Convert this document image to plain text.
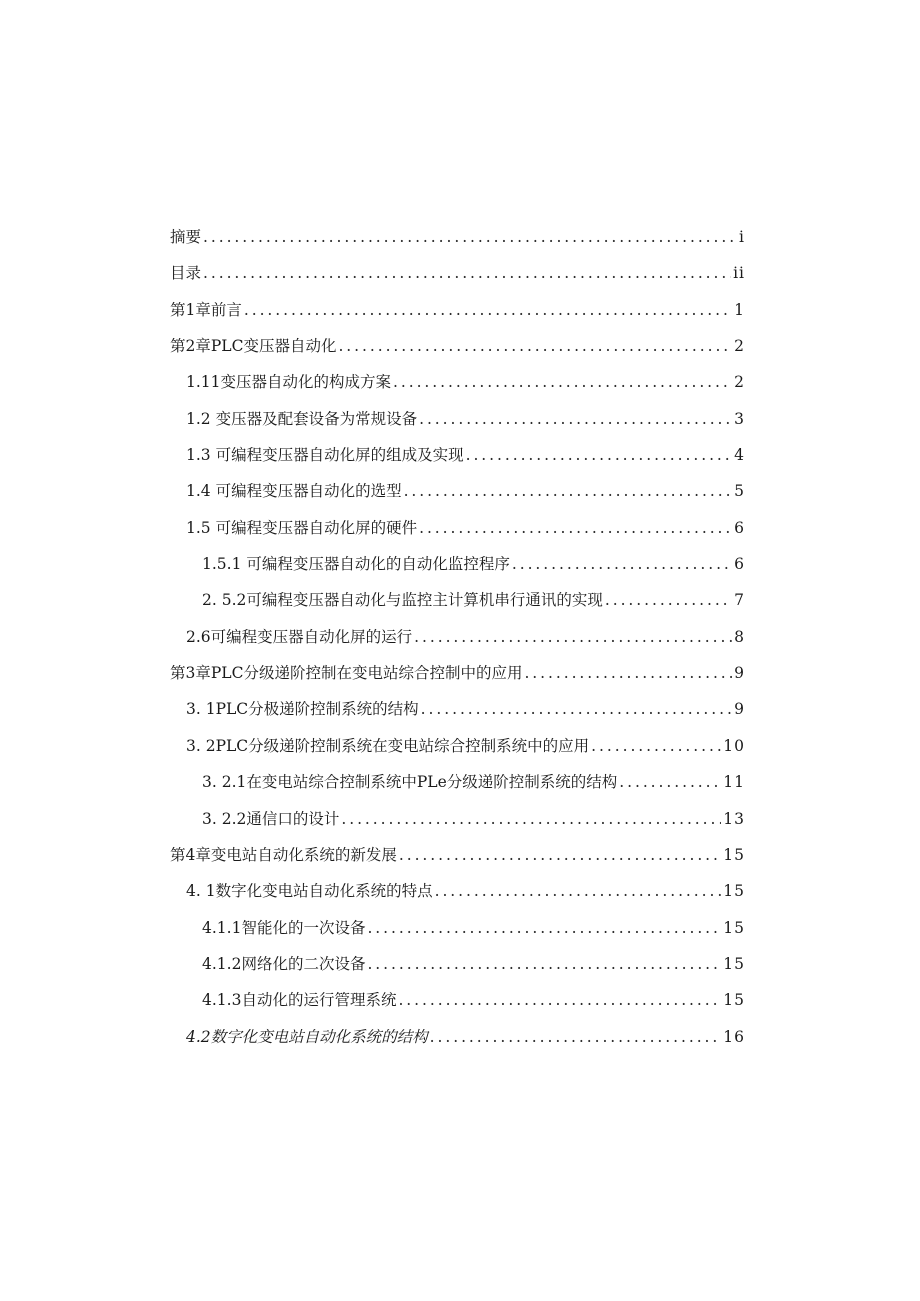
摘要 . . .	i
目录 . . .	ii
第1章前言 . . .	1
第2章PLC变压器自动化 . . .	2
1.11变压器自动化的构成方案 . . .	2
1.2 变压器及配套设备为常规设备 . . .	3
1.3 可编程变压器自动化屏的组成及实现 . . .	4
1.4 可编程变压器自动化的选型 . . .	5
1.5 可编程变压器自动化屏的硬件 . . .	6
1.5.1 可编程变压器自动化的自动化监控程序 . . .	6
2. 5.2可编程变压器自动化与监控主计算机串行通讯的实现 . . .	7
2.6可编程变压器自动化屏的运行 . . .	8
第3章PLC分级递阶控制在变电站综合控制中的应用 . . .	9
3. 1PLC分极递阶控制系统的结构 . . .	9
3. 2PLC分级递阶控制系统在变电站综合控制系统中的应用 . . .	10
3. 2.1在变电站综合控制系统中PLe分级递阶控制系统的结构 . . .	11
3. 2.2通信口的设计 . . .	13
第4章变电站自动化系统的新发展 . . .	15
4. 1数字化变电站自动化系统的特点 . . .	15
4.1.1智能化的一次设备 . . .	15
4.1.2网络化的二次设备 . . .	15
4.1.3自动化的运行管理系统 . . .	15
4.2数字化变电站自动化系统的结构 . . .	16
